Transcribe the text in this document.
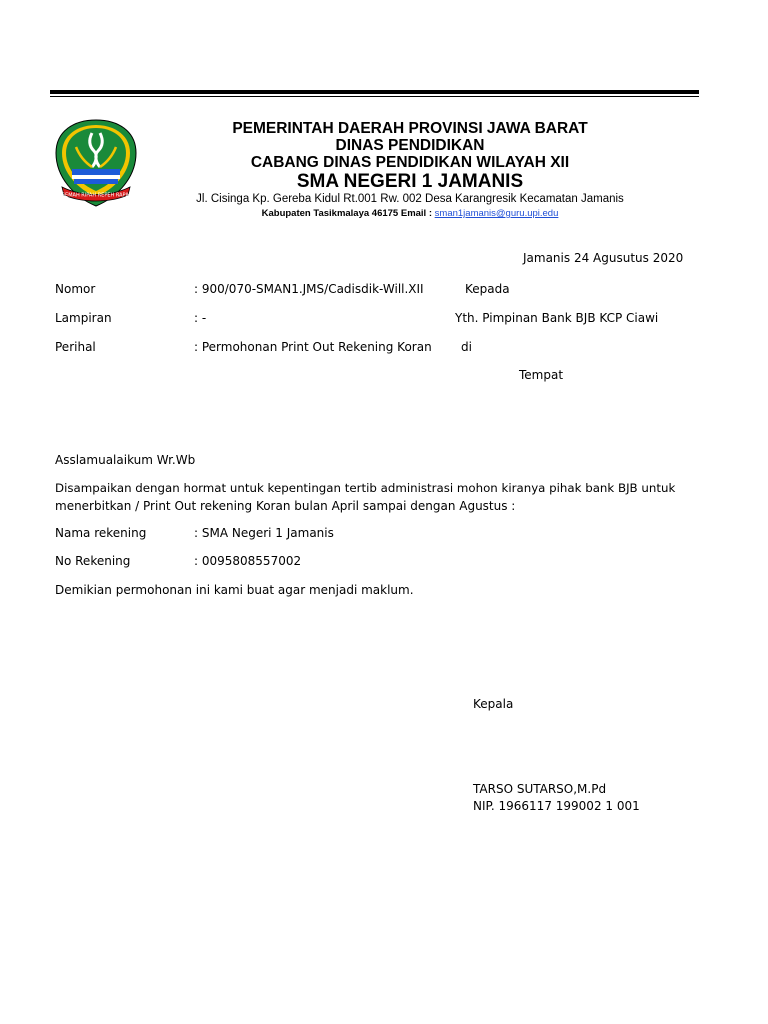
GEMAH RIPAH REPEH RAPIH
PEMERINTAH DAERAH PROVINSI JAWA BARAT
DINAS PENDIDIKAN
CABANG DINAS PENDIDIKAN WILAYAH XII
SMA NEGERI 1 JAMANIS
Jl. Cisinga Kp. Gereba Kidul Rt.001 Rw. 002 Desa Karangresik Kecamatan Jamanis
Kabupaten Tasikmalaya 46175 Email : sman1jamanis@guru.upi.edu
Jamanis 24 Agusutus 2020
Nomor	: 900/070-SMAN1.JMS/Cadisdik-Will.XII	Kepada
Lampiran	: -	Yth. Pimpinan Bank BJB KCP Ciawi
Perihal	: Permohonan Print Out Rekening Koran di
Tempat
Asslamualaikum Wr.Wb
Disampaikan dengan hormat untuk kepentingan tertib administrasi mohon kiranya pihak bank BJB untuk
menerbitkan / Print Out rekening Koran bulan April sampai dengan Agustus :
Nama rekening	: SMA Negeri 1 Jamanis
No Rekening	: 0095808557002
Demikian permohonan ini kami buat agar menjadi maklum.
Kepala
TARSO SUTARSO,M.Pd
NIP. 1966117 199002 1 001
